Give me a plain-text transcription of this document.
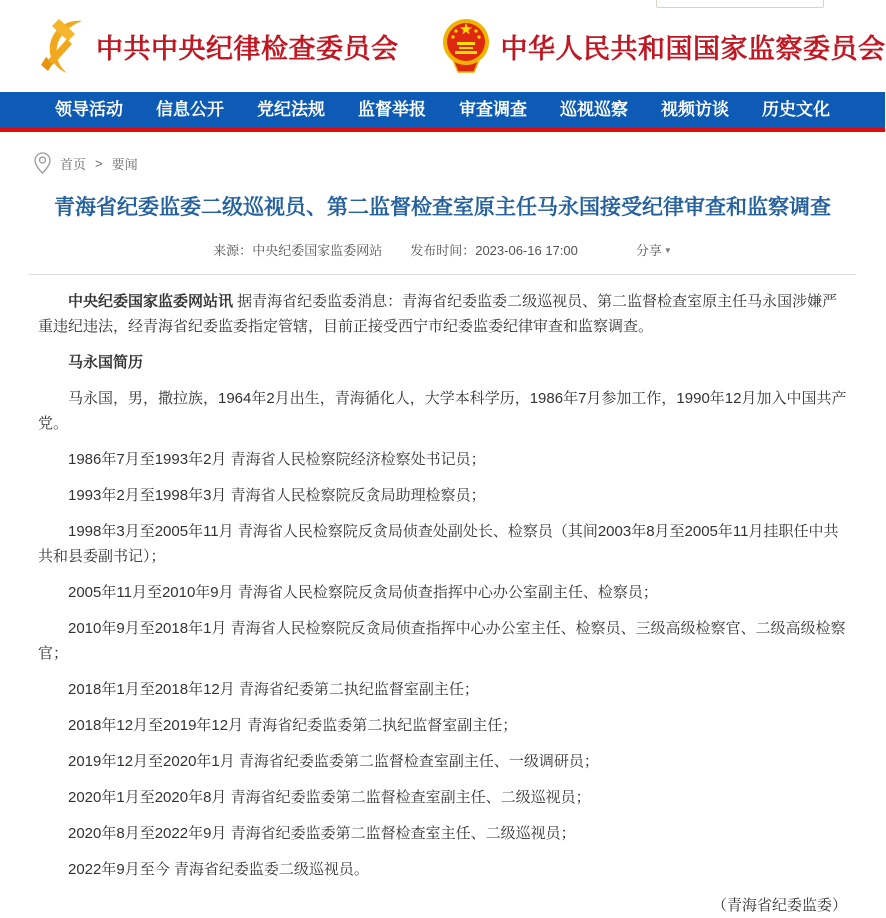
中共中央纪律检查委员会	中华人民共和国国家监察委员会
领导活动 信息公开 党纪法规 监督举报 审查调查 巡视巡察 视频访谈 历史文化
首页 > 要闻
青海省纪委监委二级巡视员、第二监督检查室原主任马永国接受纪律审查和监察调查
来源：中央纪委国家监委网站 发布时间：2023-06-16 17:00	分享 ▼

中央纪委国家监委网站讯 据青海省纪委监委消息：青海省纪委监委二级巡视员、第二监督检查室原主任马永国涉嫌严重违纪违法，经青海省纪委监委指定管辖，目前正接受西宁市纪委监委纪律审查和监察调查。

马永国简历

马永国，男，撒拉族，1964年2月出生，青海循化人，大学本科学历，1986年7月参加工作，1990年12月加入中国共产党。

1986年7月至1993年2月 青海省人民检察院经济检察处书记员；

1993年2月至1998年3月 青海省人民检察院反贪局助理检察员；

1998年3月至2005年11月 青海省人民检察院反贪局侦查处副处长、检察员（其间2003年8月至2005年11月挂职任中共共和县委副书记）；

2005年11月至2010年9月 青海省人民检察院反贪局侦查指挥中心办公室副主任、检察员；

2010年9月至2018年1月 青海省人民检察院反贪局侦查指挥中心办公室主任、检察员、三级高级检察官、二级高级检察官；

2018年1月至2018年12月 青海省纪委第二执纪监督室副主任；

2018年12月至2019年12月 青海省纪委监委第二执纪监督室副主任；

2019年12月至2020年1月 青海省纪委监委第二监督检查室副主任、一级调研员；

2020年1月至2020年8月 青海省纪委监委第二监督检查室副主任、二级巡视员；

2020年8月至2022年9月 青海省纪委监委第二监督检查室主任、二级巡视员；

2022年9月至今 青海省纪委监委二级巡视员。

（青海省纪委监委）
